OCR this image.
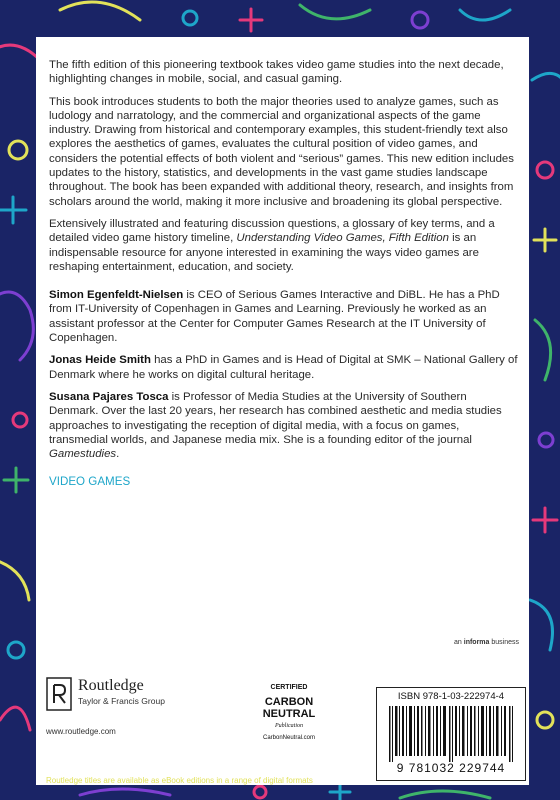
The fifth edition of this pioneering textbook takes video game studies into the next decade, highlighting changes in mobile, social, and casual gaming.

This book introduces students to both the major theories used to analyze games, such as ludology and narratology, and the commercial and organizational aspects of the game industry. Drawing from historical and contemporary examples, this student-friendly text also explores the aesthetics of games, evaluates the cultural position of video games, and considers the potential effects of both violent and “serious” games. This new edition includes updates to the history, statistics, and developments in the vast game studies landscape throughout. The book has been expanded with additional theory, research, and insights from scholars around the world, making it more inclusive and broadening its global perspective.

Extensively illustrated and featuring discussion questions, a glossary of key terms, and a detailed video game history timeline, Understanding Video Games, Fifth Edition is an indispensable resource for anyone interested in examining the ways video games are reshaping entertainment, education, and society.

Simon Egenfeldt-Nielsen is CEO of Serious Games Interactive and DiBL. He has a PhD from IT-University of Copenhagen in Games and Learning. Previously he worked as an assistant professor at the Center for Computer Games Research at the IT University of Copenhagen.

Jonas Heide Smith has a PhD in Games and is Head of Digital at SMK – National Gallery of Denmark where he works on digital cultural heritage.

Susana Pajares Tosca is Professor of Media Studies at the University of Southern Denmark. Over the last 20 years, her research has combined aesthetic and media studies approaches to investigating the reception of digital media, with a focus on games, transmedial worlds, and Japanese media mix. She is a founding editor of the journal Gamestudies.

VIDEO GAMES

an informa business
Routledge
Taylor & Francis Group
www.routledge.com
CERTIFIED
CARBON
NEUTRAL
Publication
CarbonNeutral.com
ISBN 978-1-03-222974-4
9 781032 229744
Routledge titles are available as eBook editions in a range of digital formats
